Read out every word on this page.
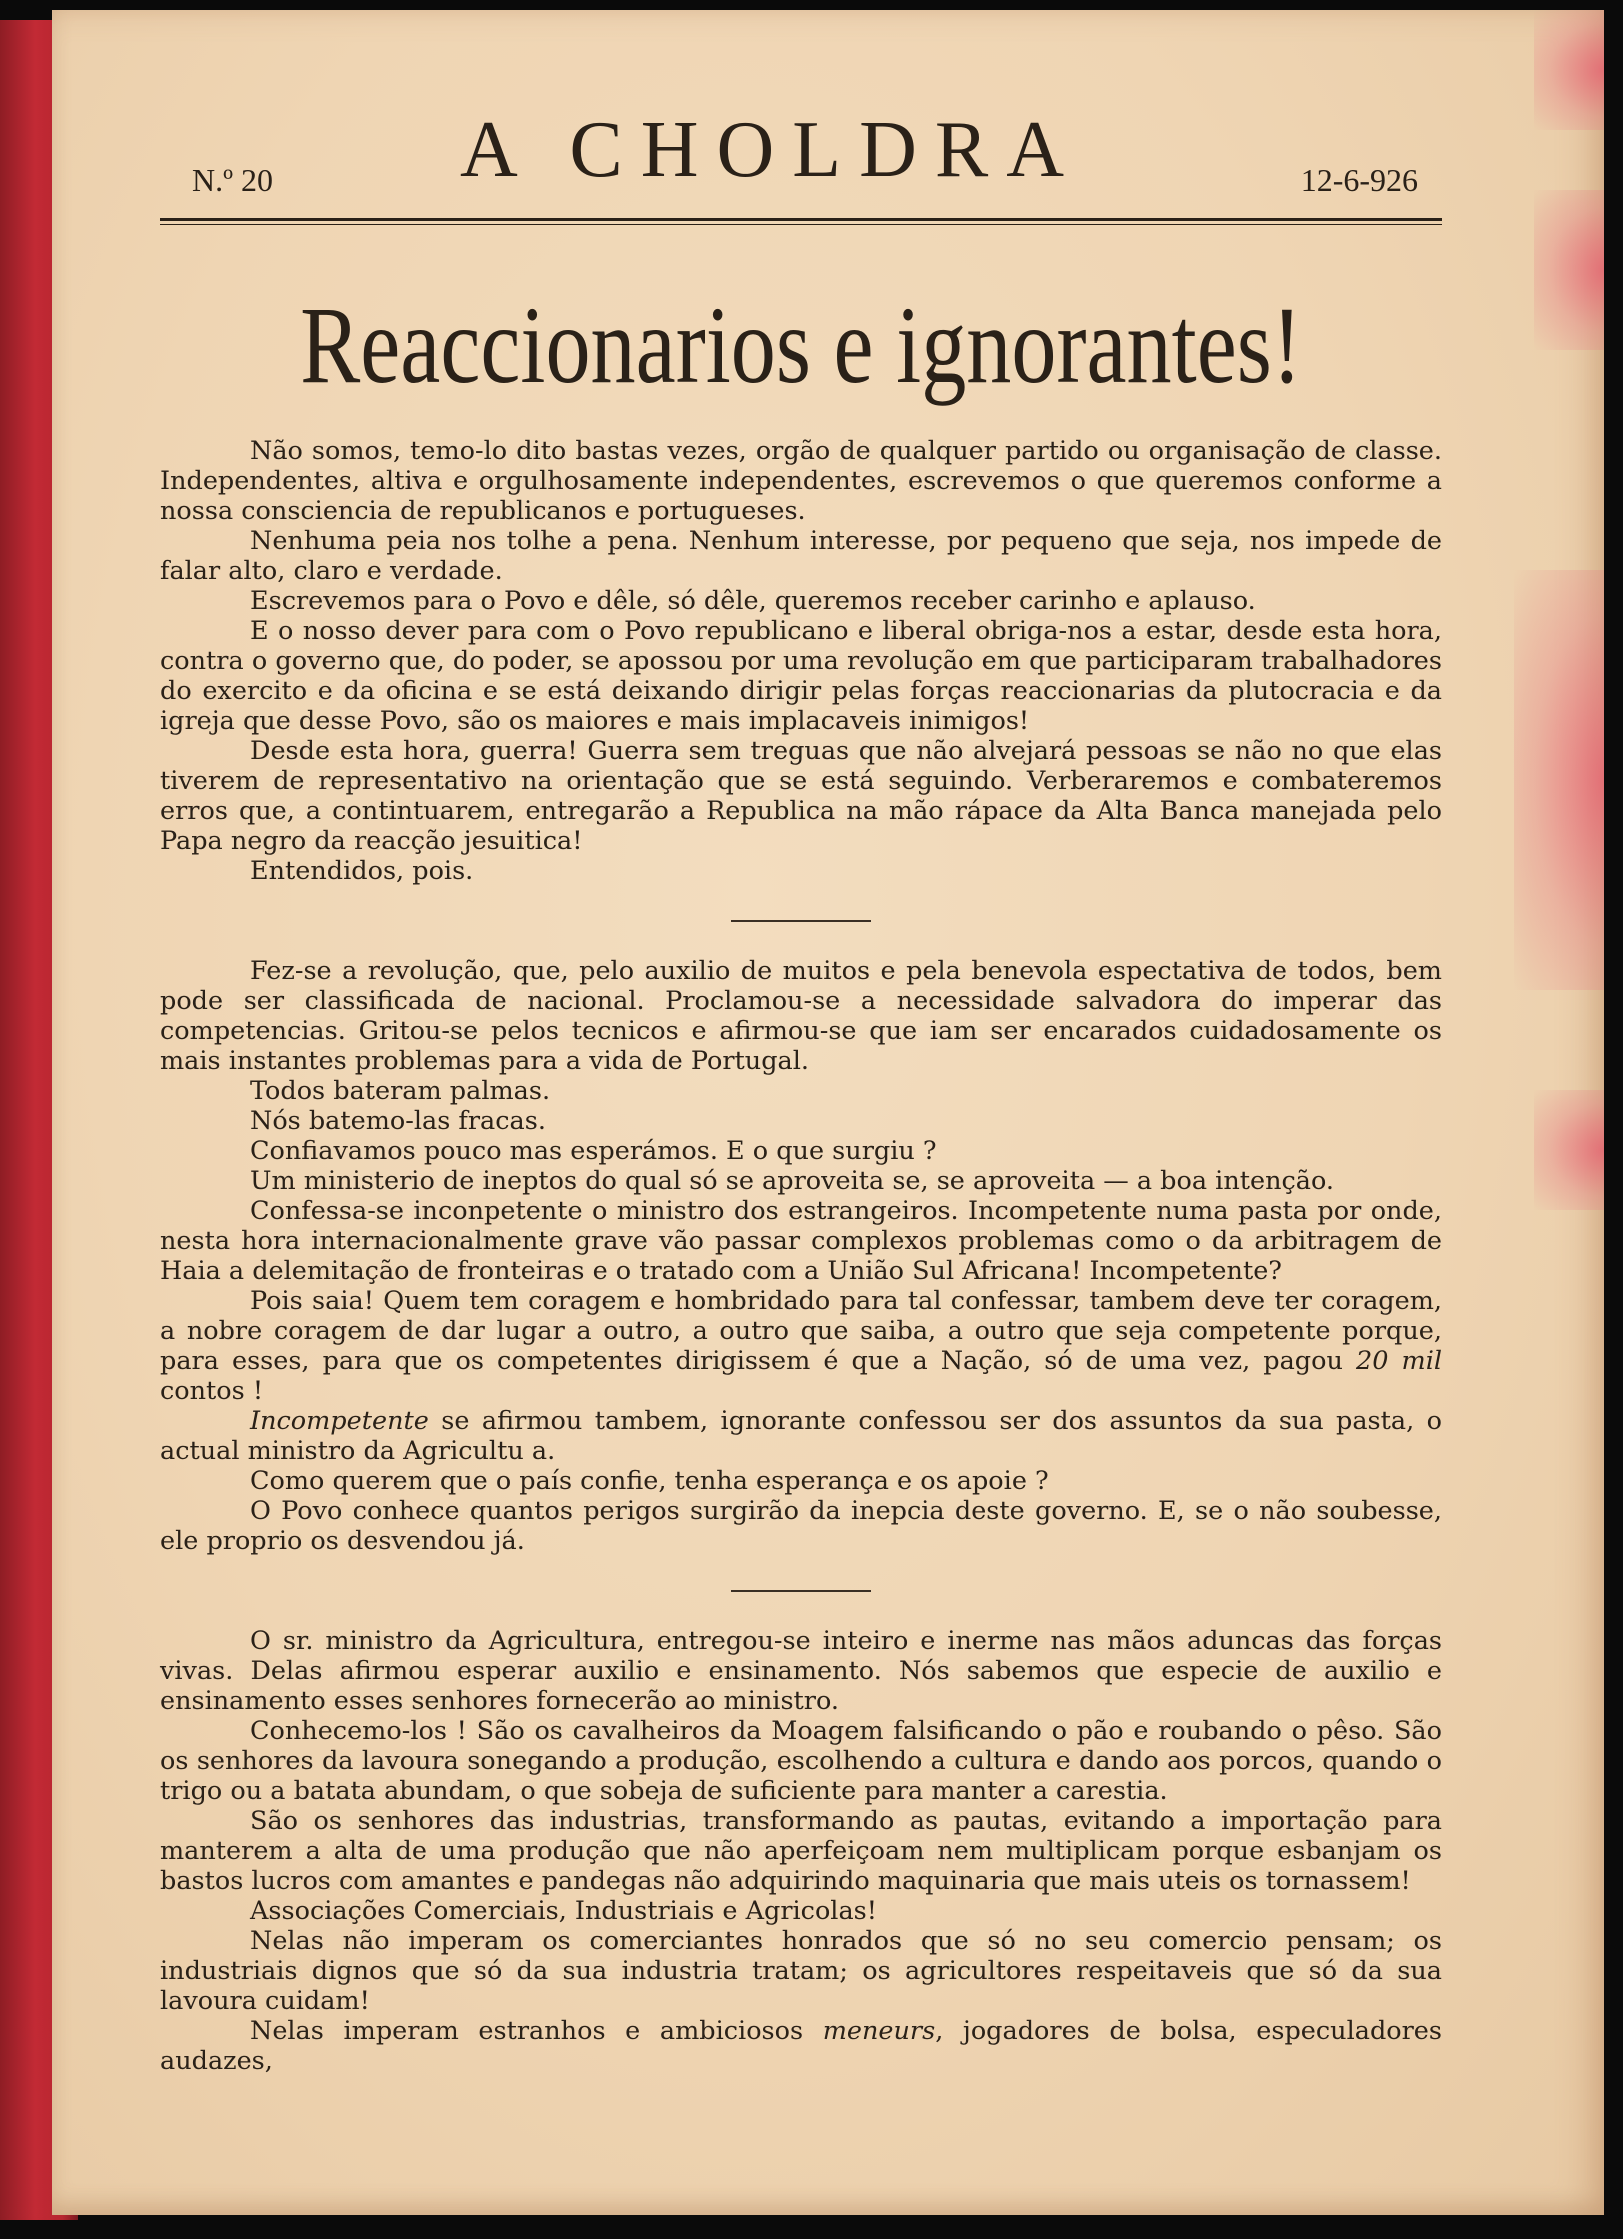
N.º 20 A CHOLDRA	12-6-926
Reaccionarios e ignorantes!

Não somos, temo-lo dito bastas vezes, orgão de qualquer partido ou organisação de classe. Independentes, altiva e orgulhosamente independentes, escrevemos o que queremos conforme a nossa consciencia de republicanos e portugueses.

Nenhuma peia nos tolhe a pena. Nenhum interesse, por pequeno que seja, nos impede de falar alto, claro e verdade.

Escrevemos para o Povo e dêle, só dêle, queremos receber carinho e aplauso.

E o nosso dever para com o Povo republicano e liberal obriga-nos a estar, desde esta hora, contra o governo que, do poder, se apossou por uma revolução em que participaram trabalhadores do exercito e da oficina e se está deixando dirigir pelas forças reaccionarias da plutocracia e da igreja que desse Povo, são os maiores e mais implacaveis inimigos!

Desde esta hora, guerra! Guerra sem treguas que não alvejará pessoas se não no que elas tiverem de representativo na orientação que se está seguindo. Verberaremos e combateremos erros que, a contintuarem, entregarão a Republica na mão rápace da Alta Banca manejada pelo Papa negro da reacção jesuitica!

Entendidos, pois.

Fez-se a revolução, que, pelo auxilio de muitos e pela benevola espectativa de todos, bem pode ser classificada de nacional. Proclamou-se a necessidade salvadora do imperar das competencias. Gritou-se pelos tecnicos e afirmou-se que iam ser encarados cuidadosamente os mais instantes problemas para a vida de Portugal.

Todos bateram palmas.

Nós batemo-las fracas.

Confiavamos pouco mas esperámos. E o que surgiu ?

Um ministerio de ineptos do qual só se aproveita se, se aproveita — a boa intenção.

Confessa-se inconpetente o ministro dos estrangeiros. Incompetente numa pasta por onde, nesta hora internacionalmente grave vão passar complexos problemas como o da arbitragem de Haia a delemitação de fronteiras e o tratado com a União Sul Africana! Incompetente?

Pois saia! Quem tem coragem e hombridado para tal confessar, tambem deve ter coragem, a nobre coragem de dar lugar a outro, a outro que saiba, a outro que seja competente porque, para esses, para que os competentes dirigissem é que a Nação, só de uma vez, pagou 20 mil contos !

Incompetente se afirmou tambem, ignorante confessou ser dos assuntos da sua pasta, o actual ministro da Agricultu a.

Como querem que o país confie, tenha esperança e os apoie ?

O Povo conhece quantos perigos surgirão da inepcia deste governo. E, se o não soubesse, ele proprio os desvendou já.

O sr. ministro da Agricultura, entregou-se inteiro e inerme nas mãos aduncas das forças vivas. Delas afirmou esperar auxilio e ensinamento. Nós sabemos que especie de auxilio e ensinamento esses senhores fornecerão ao ministro.

Conhecemo-los ! São os cavalheiros da Moagem falsificando o pão e roubando o pêso. São os senhores da lavoura sonegando a produção, escolhendo a cultura e dando aos porcos, quando o trigo ou a batata abundam, o que sobeja de suficiente para manter a carestia.

São os senhores das industrias, transformando as pautas, evitando a importação para manterem a alta de uma produção que não aperfeiçoam nem multiplicam porque esbanjam os bastos lucros com amantes e pandegas não adquirindo maquinaria que mais uteis os tornassem!

Associações Comerciais, Industriais e Agricolas!

Nelas não imperam os comerciantes honrados que só no seu comercio pensam; os industriais dignos que só da sua industria tratam; os agricultores respeitaveis que só da sua lavoura cuidam!

Nelas imperam estranhos e ambiciosos meneurs, jogadores de bolsa, especuladores audazes,
